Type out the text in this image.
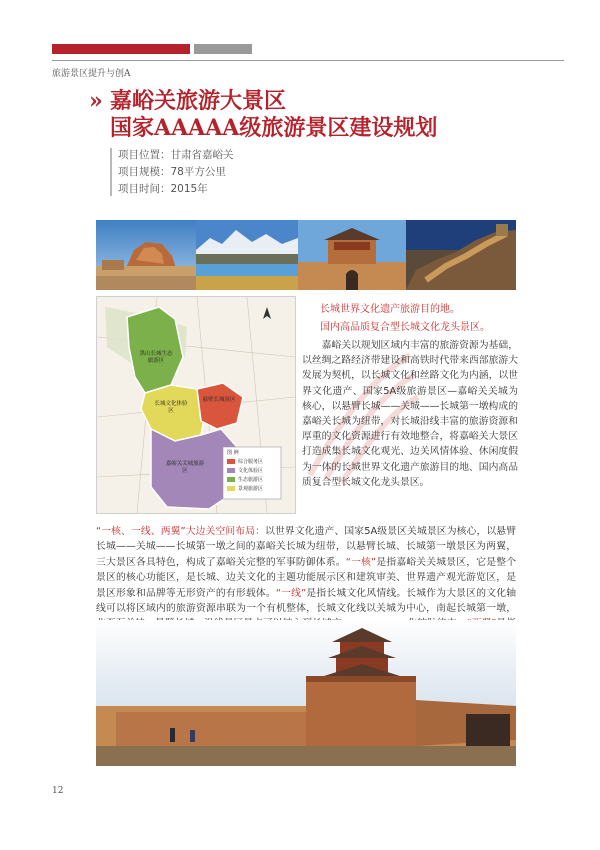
旅游景区提升与创A
» 嘉峪关旅游大景区
国家AAAAA级旅游景区建设规划
项目位置：甘肃省嘉峪关
项目规模：78平方公里
项目时间：2015年
黑山长城生态旅游区
长城文化体验区
悬壁长城景区
嘉峪关关城旅游区
图 例
综合服务区
文化体验区
生态旅游区
景观旅游区
长城世界文化遗产旅游目的地。
国内高品质复合型长城文化龙头景区。
嘉峪关以规划区域内丰富的旅游资源为基础，以丝绸之路经济带建设和高铁时代带来西部旅游大发展为契机，以长城文化和丝路文化为内涵，以世界文化遗产、国家5A级旅游景区—嘉峪关关城为核心，以悬臂长城——关城——长城第一墩构成的嘉峪关长城为纽带，对长城沿线丰富的旅游资源和厚重的文化资源进行有效地整合，将嘉峪关大景区打造成集长城文化观光、边关风情体验、休闲度假为一体的长城世界文化遗产旅游目的地、国内高品质复合型长城文化龙头景区。
“一核、一线、两翼”大边关空间布局：以世界文化遗产、国家5A级景区关城景区为核心，以悬臂长城——关城——长城第一墩之间的嘉峪关长城为纽带，以悬臂长城、长城第一墩景区为两翼，三大景区各具特色，构成了嘉峪关完整的军事防御体系。“一核”是指嘉峪关关城景区，它是整个景区的核心功能区，是长城、边关文化的主题功能展示区和建筑审美、世界遗产观光游览区，是景区形象和品牌等无形资产的有形载体。“一线”是指长城文化风情线。长城作为大景区的文化轴线可以将区域内的旅游资源串联为一个有机整体，长城文化线以关城为中心，南起长城第一墩，
12
